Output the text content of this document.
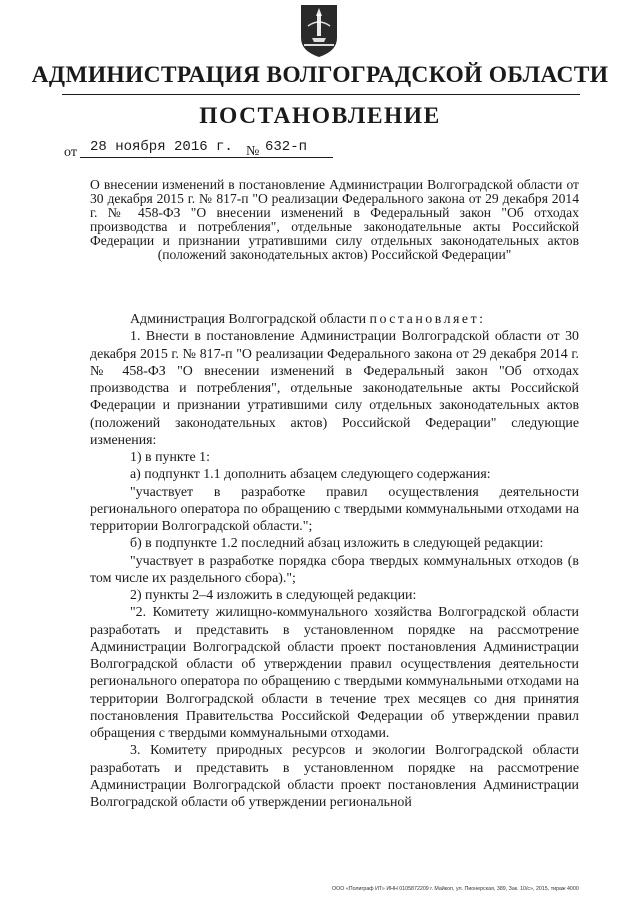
АДМИНИСТРАЦИЯ ВОЛГОГРАДСКОЙ ОБЛАСТИ
ПОСТАНОВЛЕНИЕ
от 28 ноября 2016 г. № 632-п
О внесении изменений в постановление Администрации Волгоградской области от 30 декабря 2015 г. № 817-п "О реализации Федерального закона от 29 декабря 2014 г. № 458-ФЗ "О внесении изменений в Федеральный закон "Об отходах производства и потребления", отдельные законодательные акты Российской Федерации и признании утратившими силу отдельных законодательных актов (положений законодательных актов) Российской Федерации"

Администрация Волгоградской области постановляет:

1. Внести в постановление Администрации Волгоградской области от 30 декабря 2015 г. № 817-п "О реализации Федерального закона от 29 декабря 2014 г. № 458-ФЗ "О внесении изменений в Федеральный закон "Об отходах производства и потребления", отдельные законодательные акты Российской Федерации и признании утратившими силу отдельных законодательных актов (положений законодательных актов) Российской Федерации" следующие изменения:

1) в пункте 1:

а) подпункт 1.1 дополнить абзацем следующего содержания:

"участвует в разработке правил осуществления деятельности регионального оператора по обращению с твердыми коммунальными отходами на территории Волгоградской области.";

б) в подпункте 1.2 последний абзац изложить в следующей редакции:

"участвует в разработке порядка сбора твердых коммунальных отходов (в том числе их раздельного сбора).";

2) пункты 2–4 изложить в следующей редакции:

"2. Комитету жилищно-коммунального хозяйства Волгоградской области разработать и представить в установленном порядке на рассмотрение Администрации Волгоградской области проект постановления Администрации Волгоградской области об утверждении правил осуществления деятельности регионального оператора по обращению с твердыми коммунальными отходами на территории Волгоградской области в течение трех месяцев со дня принятия постановления Правительства Российской Федерации об утверждении правил обращения с твердыми коммунальными отходами.

3. Комитету природных ресурсов и экологии Волгоградской области разработать и представить в установленном порядке на рассмотрение Администрации Волгоградской области проект постановления Администрации Волгоградской области об утверждении региональной

ООО «Полиграф ИТ» ИНН 0105872209 г. Майкоп, ул. Пионерская, 389, Зак. 10/с», 2015, тираж 4000
